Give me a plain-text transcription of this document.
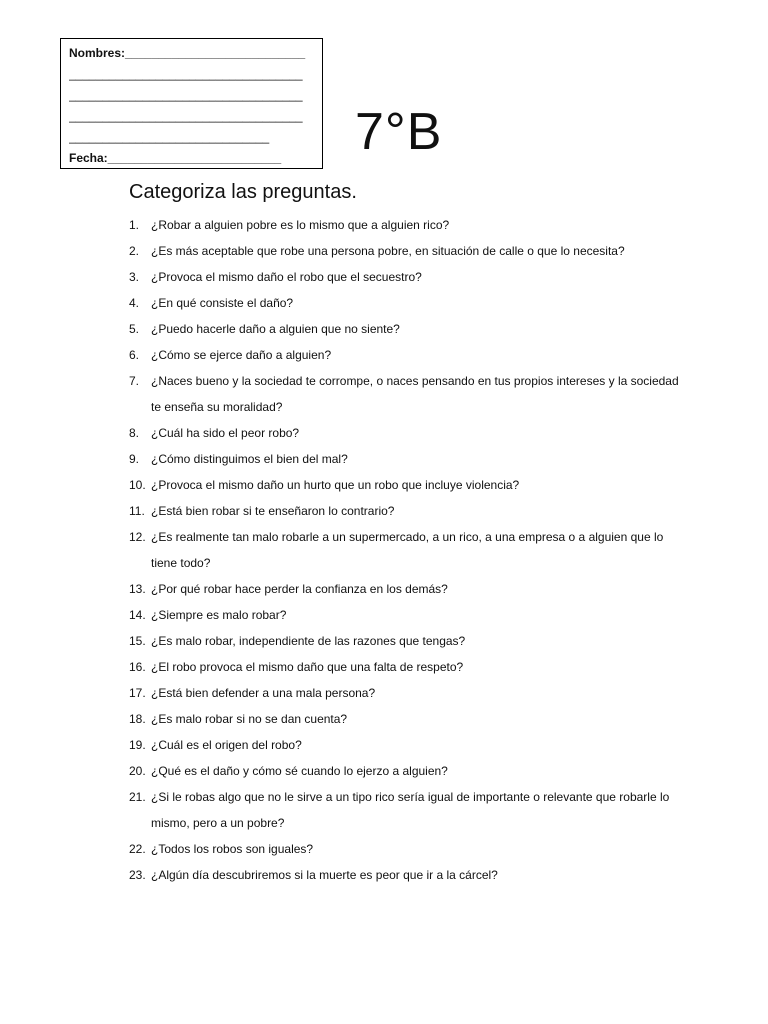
Nombres:___________________________
___________________________________
___________________________________
___________________________________
______________________________
Fecha:__________________________	7°B
Categoriza las preguntas.
1. ¿Robar a alguien pobre es lo mismo que a alguien rico?
2. ¿Es más aceptable que robe una persona pobre, en situación de calle o que lo necesita?
3. ¿Provoca el mismo daño el robo que el secuestro?
4. ¿En qué consiste el daño?
5. ¿Puedo hacerle daño a alguien que no siente?
6. ¿Cómo se ejerce daño a alguien?
7. ¿Naces bueno y la sociedad te corrompe, o naces pensando en tus propios intereses y la sociedad te enseña su moralidad?
8. ¿Cuál ha sido el peor robo?
9. ¿Cómo distinguimos el bien del mal?
10. ¿Provoca el mismo daño un hurto que un robo que incluye violencia?
11. ¿Está bien robar si te enseñaron lo contrario?
12. ¿Es realmente tan malo robarle a un supermercado, a un rico, a una empresa o a alguien que lo tiene todo?
13. ¿Por qué robar hace perder la confianza en los demás?
14. ¿Siempre es malo robar?
15. ¿Es malo robar, independiente de las razones que tengas?
16. ¿El robo provoca el mismo daño que una falta de respeto?
17. ¿Está bien defender a una mala persona?
18. ¿Es malo robar si no se dan cuenta?
19. ¿Cuál es el origen del robo?
20. ¿Qué es el daño y cómo sé cuando lo ejerzo a alguien?
21. ¿Si le robas algo que no le sirve a un tipo rico sería igual de importante o relevante que robarle lo mismo, pero a un pobre?
22. ¿Todos los robos son iguales?
23. ¿Algún día descubriremos si la muerte es peor que ir a la cárcel?
